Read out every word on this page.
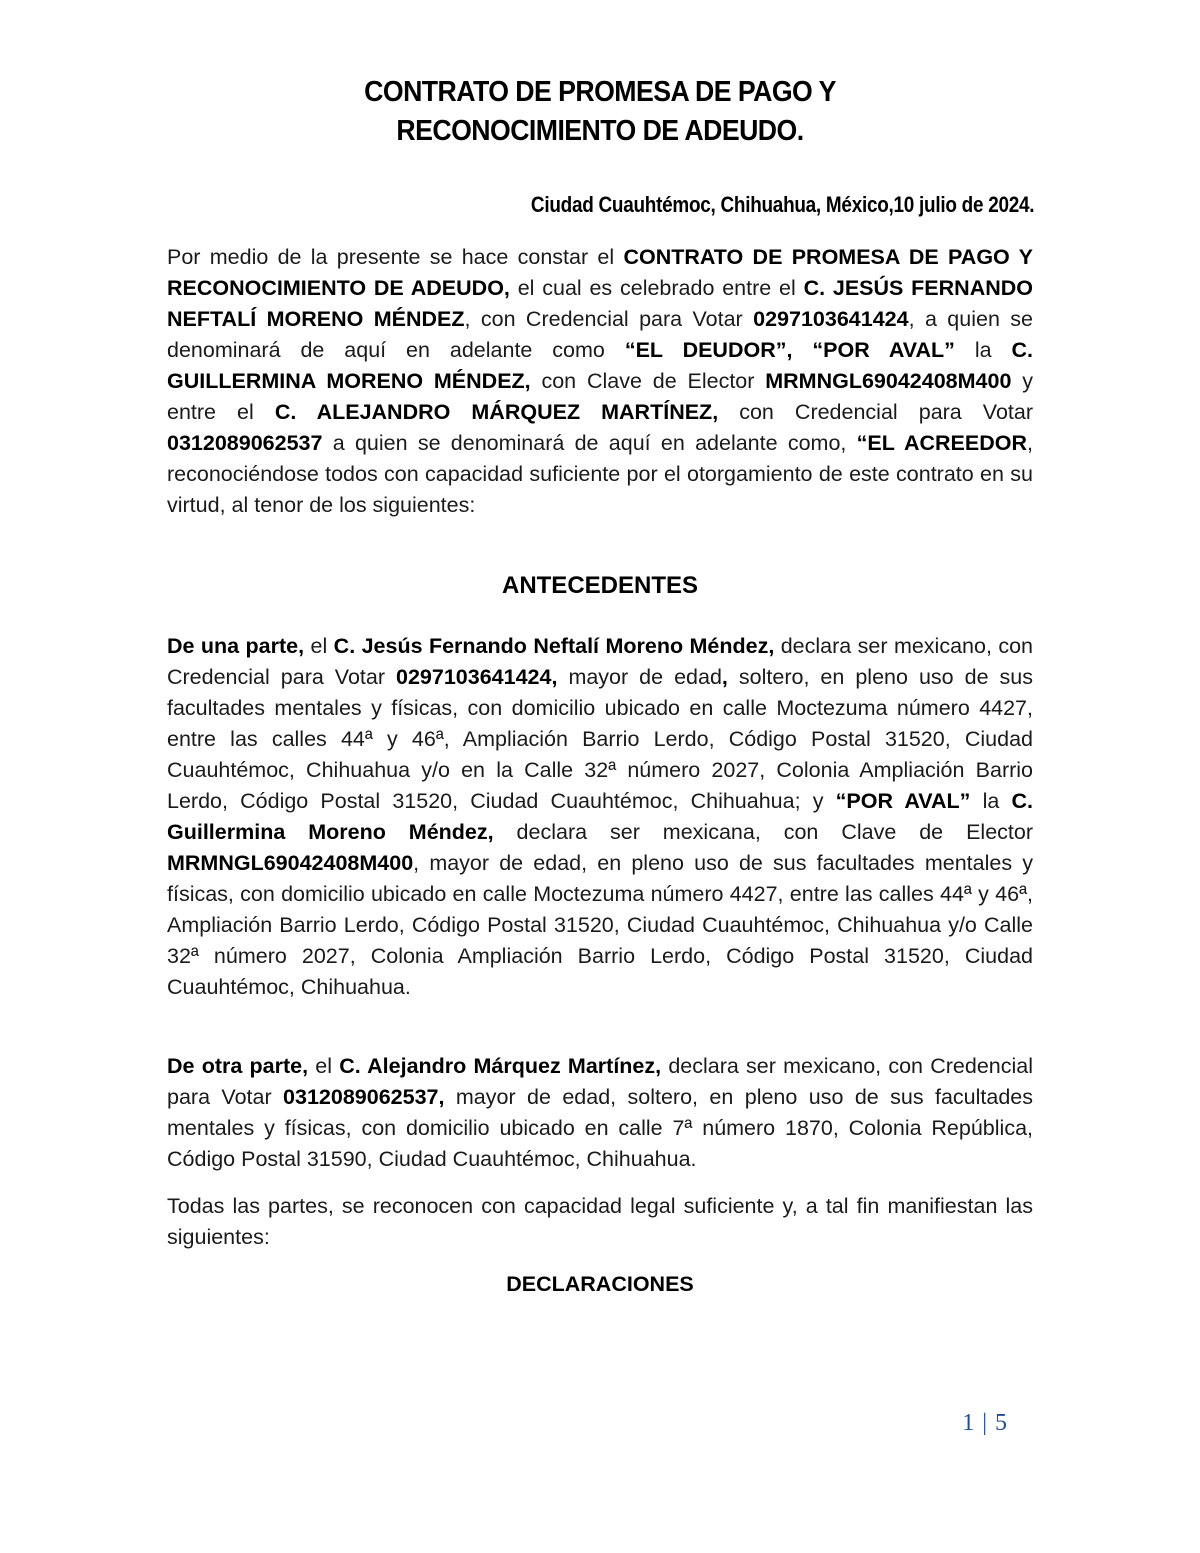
CONTRATO DE PROMESA DE PAGO Y
RECONOCIMIENTO DE ADEUDO.
Ciudad Cuauhtémoc, Chihuahua, México,10 julio de 2024.
Por medio de la presente se hace constar el CONTRATO DE PROMESA DE PAGO Y RECONOCIMIENTO DE ADEUDO, el cual es celebrado entre el C. JESÚS FERNANDO NEFTALÍ MORENO MÉNDEZ, con Credencial para Votar 0297103641424, a quien se denominará de aquí en adelante como “EL DEUDOR”, “POR AVAL” la C. GUILLERMINA MORENO MÉNDEZ, con Clave de Elector MRMNGL69042408M400 y entre el C. ALEJANDRO MÁRQUEZ MARTÍNEZ, con Credencial para Votar 0312089062537 a quien se denominará de aquí en adelante como, “EL ACREEDOR, reconociéndose todos con capacidad suficiente por el otorgamiento de este contrato en su virtud, al tenor de los siguientes:
ANTECEDENTES
De una parte, el C. Jesús Fernando Neftalí Moreno Méndez, declara ser mexicano, con Credencial para Votar 0297103641424, mayor de edad, soltero, en pleno uso de sus facultades mentales y físicas, con domicilio ubicado en calle Moctezuma número 4427, entre las calles 44ª y 46ª, Ampliación Barrio Lerdo, Código Postal 31520, Ciudad Cuauhtémoc, Chihuahua y/o en la Calle 32ª número 2027, Colonia Ampliación Barrio Lerdo, Código Postal 31520, Ciudad Cuauhtémoc, Chihuahua; y “POR AVAL” la C. Guillermina Moreno Méndez, declara ser mexicana, con Clave de Elector MRMNGL69042408M400, mayor de edad, en pleno uso de sus facultades mentales y físicas, con domicilio ubicado en calle Moctezuma número 4427, entre las calles 44ª y 46ª, Ampliación Barrio Lerdo, Código Postal 31520, Ciudad Cuauhtémoc, Chihuahua y/o Calle 32ª número 2027, Colonia Ampliación Barrio Lerdo, Código Postal 31520, Ciudad Cuauhtémoc, Chihuahua.
De otra parte, el C. Alejandro Márquez Martínez, declara ser mexicano, con Credencial para Votar 0312089062537, mayor de edad, soltero, en pleno uso de sus facultades mentales y físicas, con domicilio ubicado en calle 7ª número 1870, Colonia República, Código Postal 31590, Ciudad Cuauhtémoc, Chihuahua.
Todas las partes, se reconocen con capacidad legal suficiente y, a tal fin manifiestan las siguientes:
DECLARACIONES
1 | 5
